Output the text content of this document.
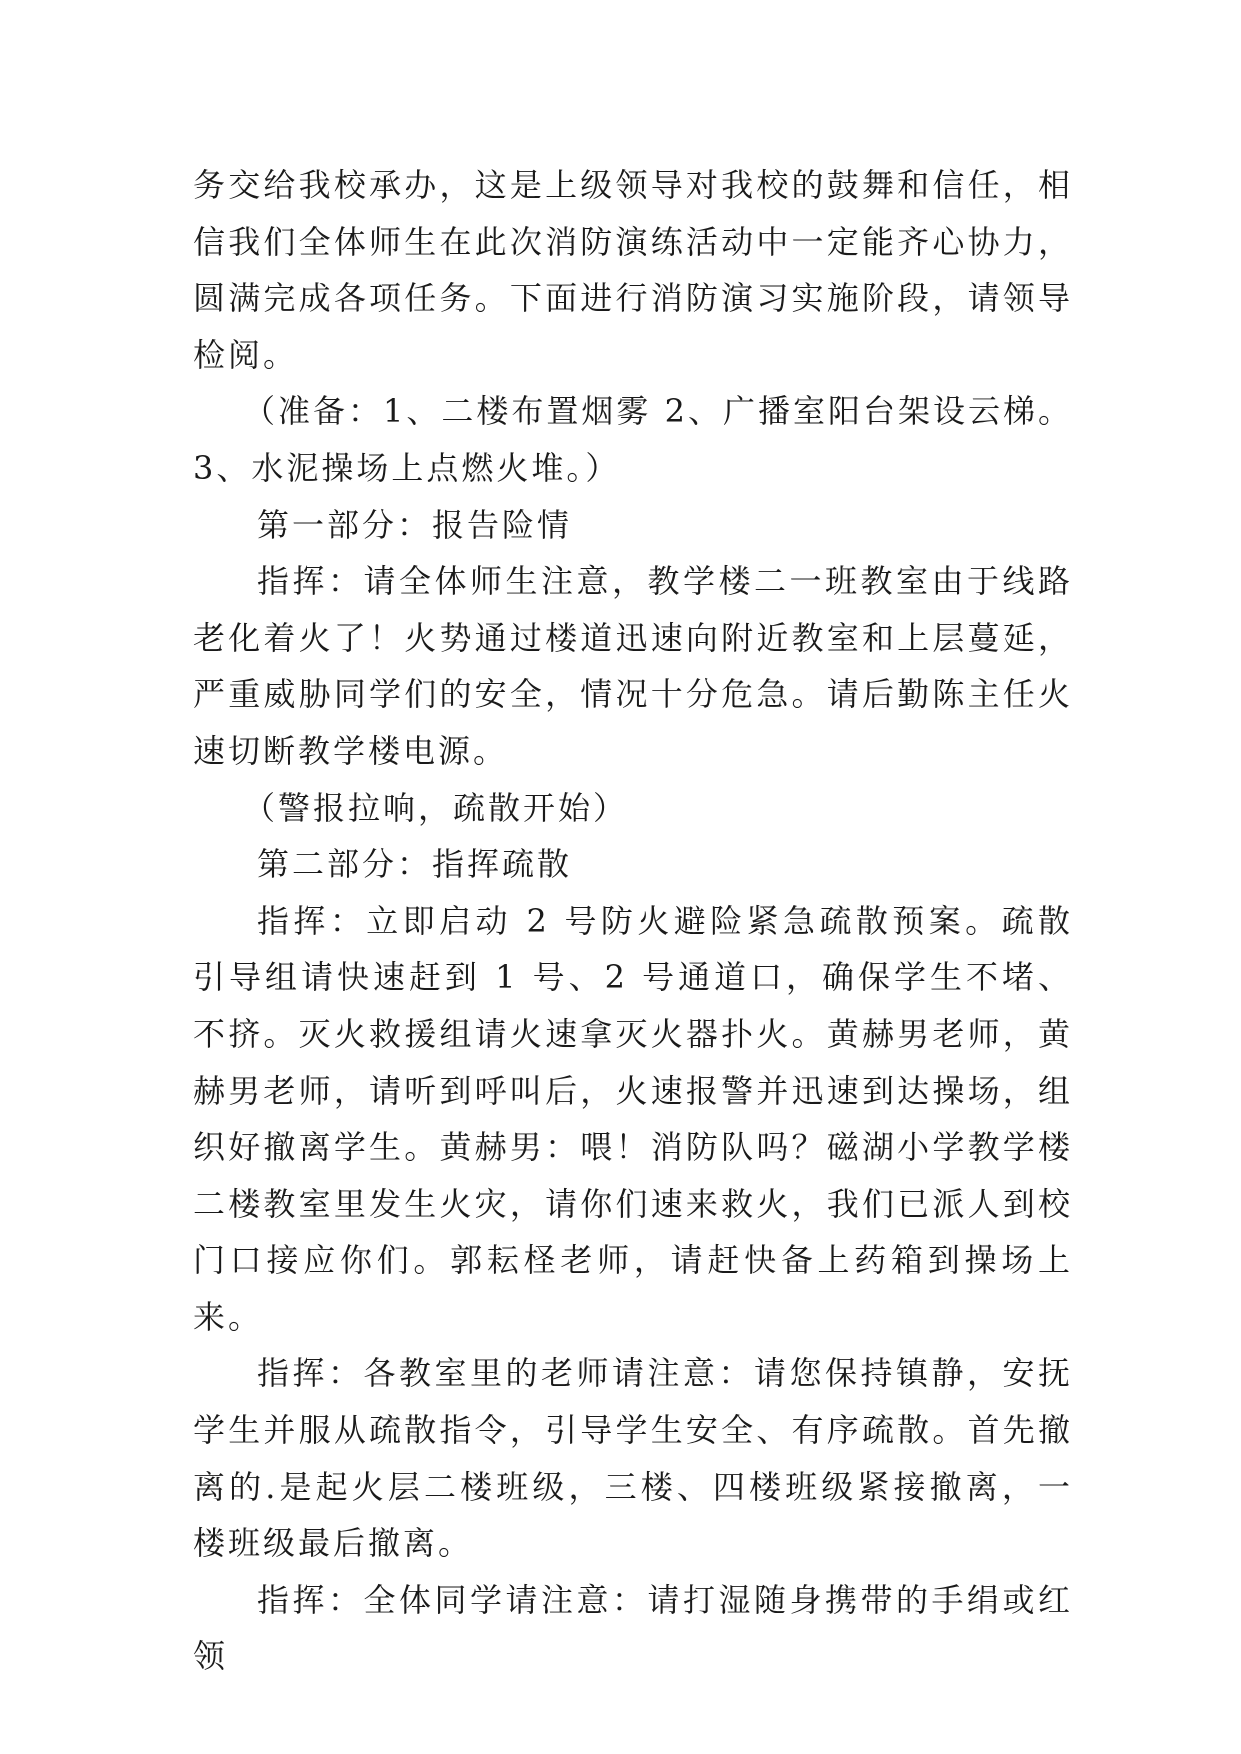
务交给我校承办，这是上级领导对我校的鼓舞和信任，相信我们全体师生在此次消防演练活动中一定能齐心协力，圆满完成各项任务。下面进行消防演习实施阶段，请领导检阅。

（准备：1、二楼布置烟雾 2、广播室阳台架设云梯。3、水泥操场上点燃火堆。）

第一部分：报告险情

指挥：请全体师生注意，教学楼二一班教室由于线路老化着火了！火势通过楼道迅速向附近教室和上层蔓延，严重威胁同学们的安全，情况十分危急。请后勤陈主任火速切断教学楼电源。

（警报拉响，疏散开始）

第二部分：指挥疏散

指挥：立即启动 2 号防火避险紧急疏散预案。疏散引导组请快速赶到 1 号、2 号通道口，确保学生不堵、不挤。灭火救援组请火速拿灭火器扑火。黄赫男老师，黄赫男老师，请听到呼叫后，火速报警并迅速到达操场，组织好撤离学生。黄赫男：喂！消防队吗？磁湖小学教学楼二楼教室里发生火灾，请你们速来救火，我们已派人到校门口接应你们。郭耘柽老师，请赶快备上药箱到操场上来。

指挥：各教室里的老师请注意：请您保持镇静，安抚学生并服从疏散指令，引导学生安全、有序疏散。首先撤离的.是起火层二楼班级，三楼、四楼班级紧接撤离，一楼班级最后撤离。

指挥：全体同学请注意：请打湿随身携带的手绢或红领
